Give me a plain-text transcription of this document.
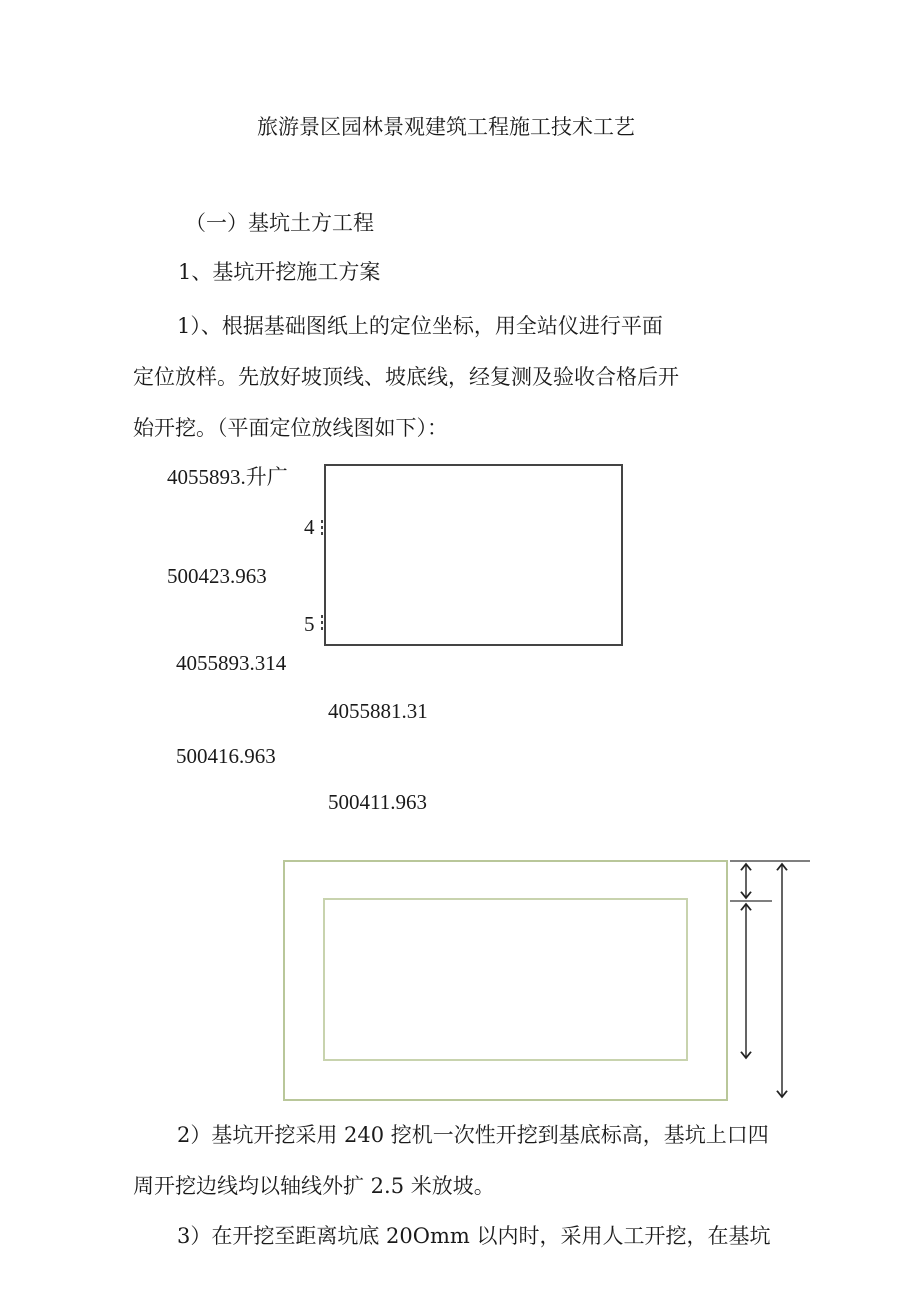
旅游景区园林景观建筑工程施工技术工艺
（一）基坑土方工程
1、基坑开挖施工方案
1）、根据基础图纸上的定位坐标，用全站仪进行平面
定位放样。先放好坡顶线、坡底线，经复测及验收合格后开
始开挖。（平面定位放线图如下）：
4055893.升广
4
500423.963
5
4055893.314
4055881.31
500416.963
500411.963
2）基坑开挖采用 240 挖机一次性开挖到基底标高，基坑上口四
周开挖边线均以轴线外扩 2.5 米放坡。
3）在开挖至距离坑底 20Omm 以内时，采用人工开挖，在基坑
